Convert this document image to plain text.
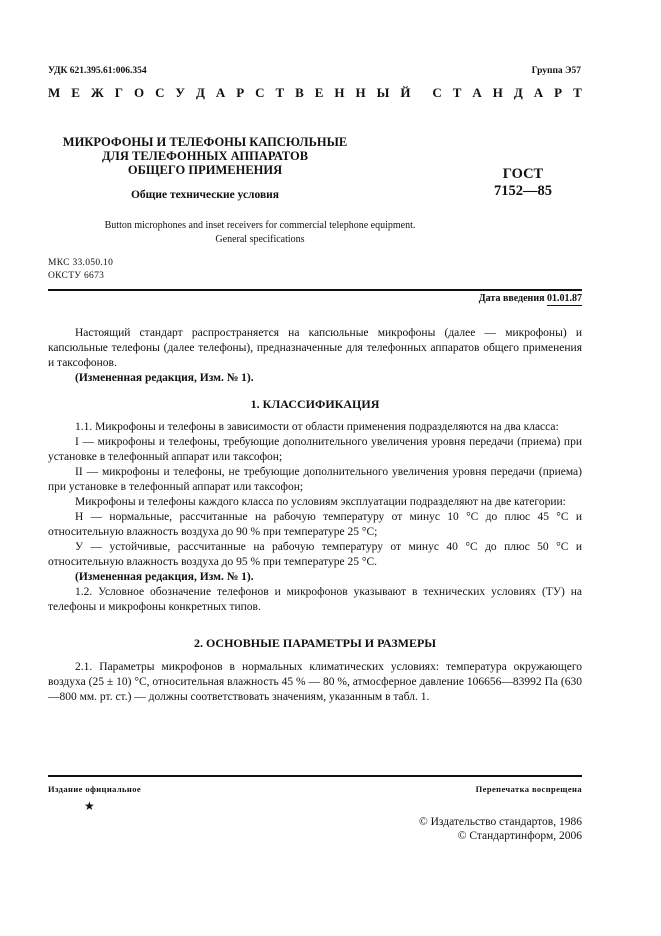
УДК 621.395.61:006.354	Группа Э57
М Е Ж Г О С У Д А Р С Т В Е Н Н Ы Й С Т А Н Д А Р Т
МИКРОФОНЫ И ТЕЛЕФОНЫ КАПСЮЛЬНЫЕ
ДЛЯ ТЕЛЕФОННЫХ АППАРАТОВ
ОБЩЕГО ПРИМЕНЕНИЯ
Общие технические условия
ГОСТ
7152—85
Button microphones and inset receivers for commercial telephone equipment.
General specifications
МКС 33.050.10
ОКСТУ 6673
Дата введения 01.01.87

Настоящий стандарт распространяется на капсюльные микрофоны (далее — микрофоны) и капсюльные телефоны (далее телефоны), предназначенные для телефонных аппаратов общего применения и таксофонов.

(Измененная редакция, Изм. № 1).

1. КЛАССИФИКАЦИЯ

1.1. Микрофоны и телефоны в зависимости от области применения подразделяются на два класса:

I — микрофоны и телефоны, требующие дополнительного увеличения уровня передачи (приема) при установке в телефонный аппарат или таксофон;

II — микрофоны и телефоны, не требующие дополнительного увеличения уровня передачи (приема) при установке в телефонный аппарат или таксофон;

Микрофоны и телефоны каждого класса по условиям эксплуатации подразделяют на две категории:

Н — нормальные, рассчитанные на рабочую температуру от минус 10 °С до плюс 45 °С и относительную влажность воздуха до 90 % при температуре 25 °С;

У — устойчивые, рассчитанные на рабочую температуру от минус 40 °С до плюс 50 °С и относительную влажность воздуха до 95 % при температуре 25 °С.

(Измененная редакция, Изм. № 1).

1.2. Условное обозначение телефонов и микрофонов указывают в технических условиях (ТУ) на телефоны и микрофоны конкретных типов.

2. ОСНОВНЫЕ ПАРАМЕТРЫ И РАЗМЕРЫ

2.1. Параметры микрофонов в нормальных климатических условиях: температура окружающего воздуха (25 ± 10) °С, относительная влажность 45 % — 80 %, атмосферное давление 106656—83992 Па (630—800 мм. рт. ст.) — должны соответствовать значениям, указанным в табл. 1.

Издание официальное	Перепечатка воспрещена
★
© Издательство стандартов, 1986
© Стандартинформ, 2006
